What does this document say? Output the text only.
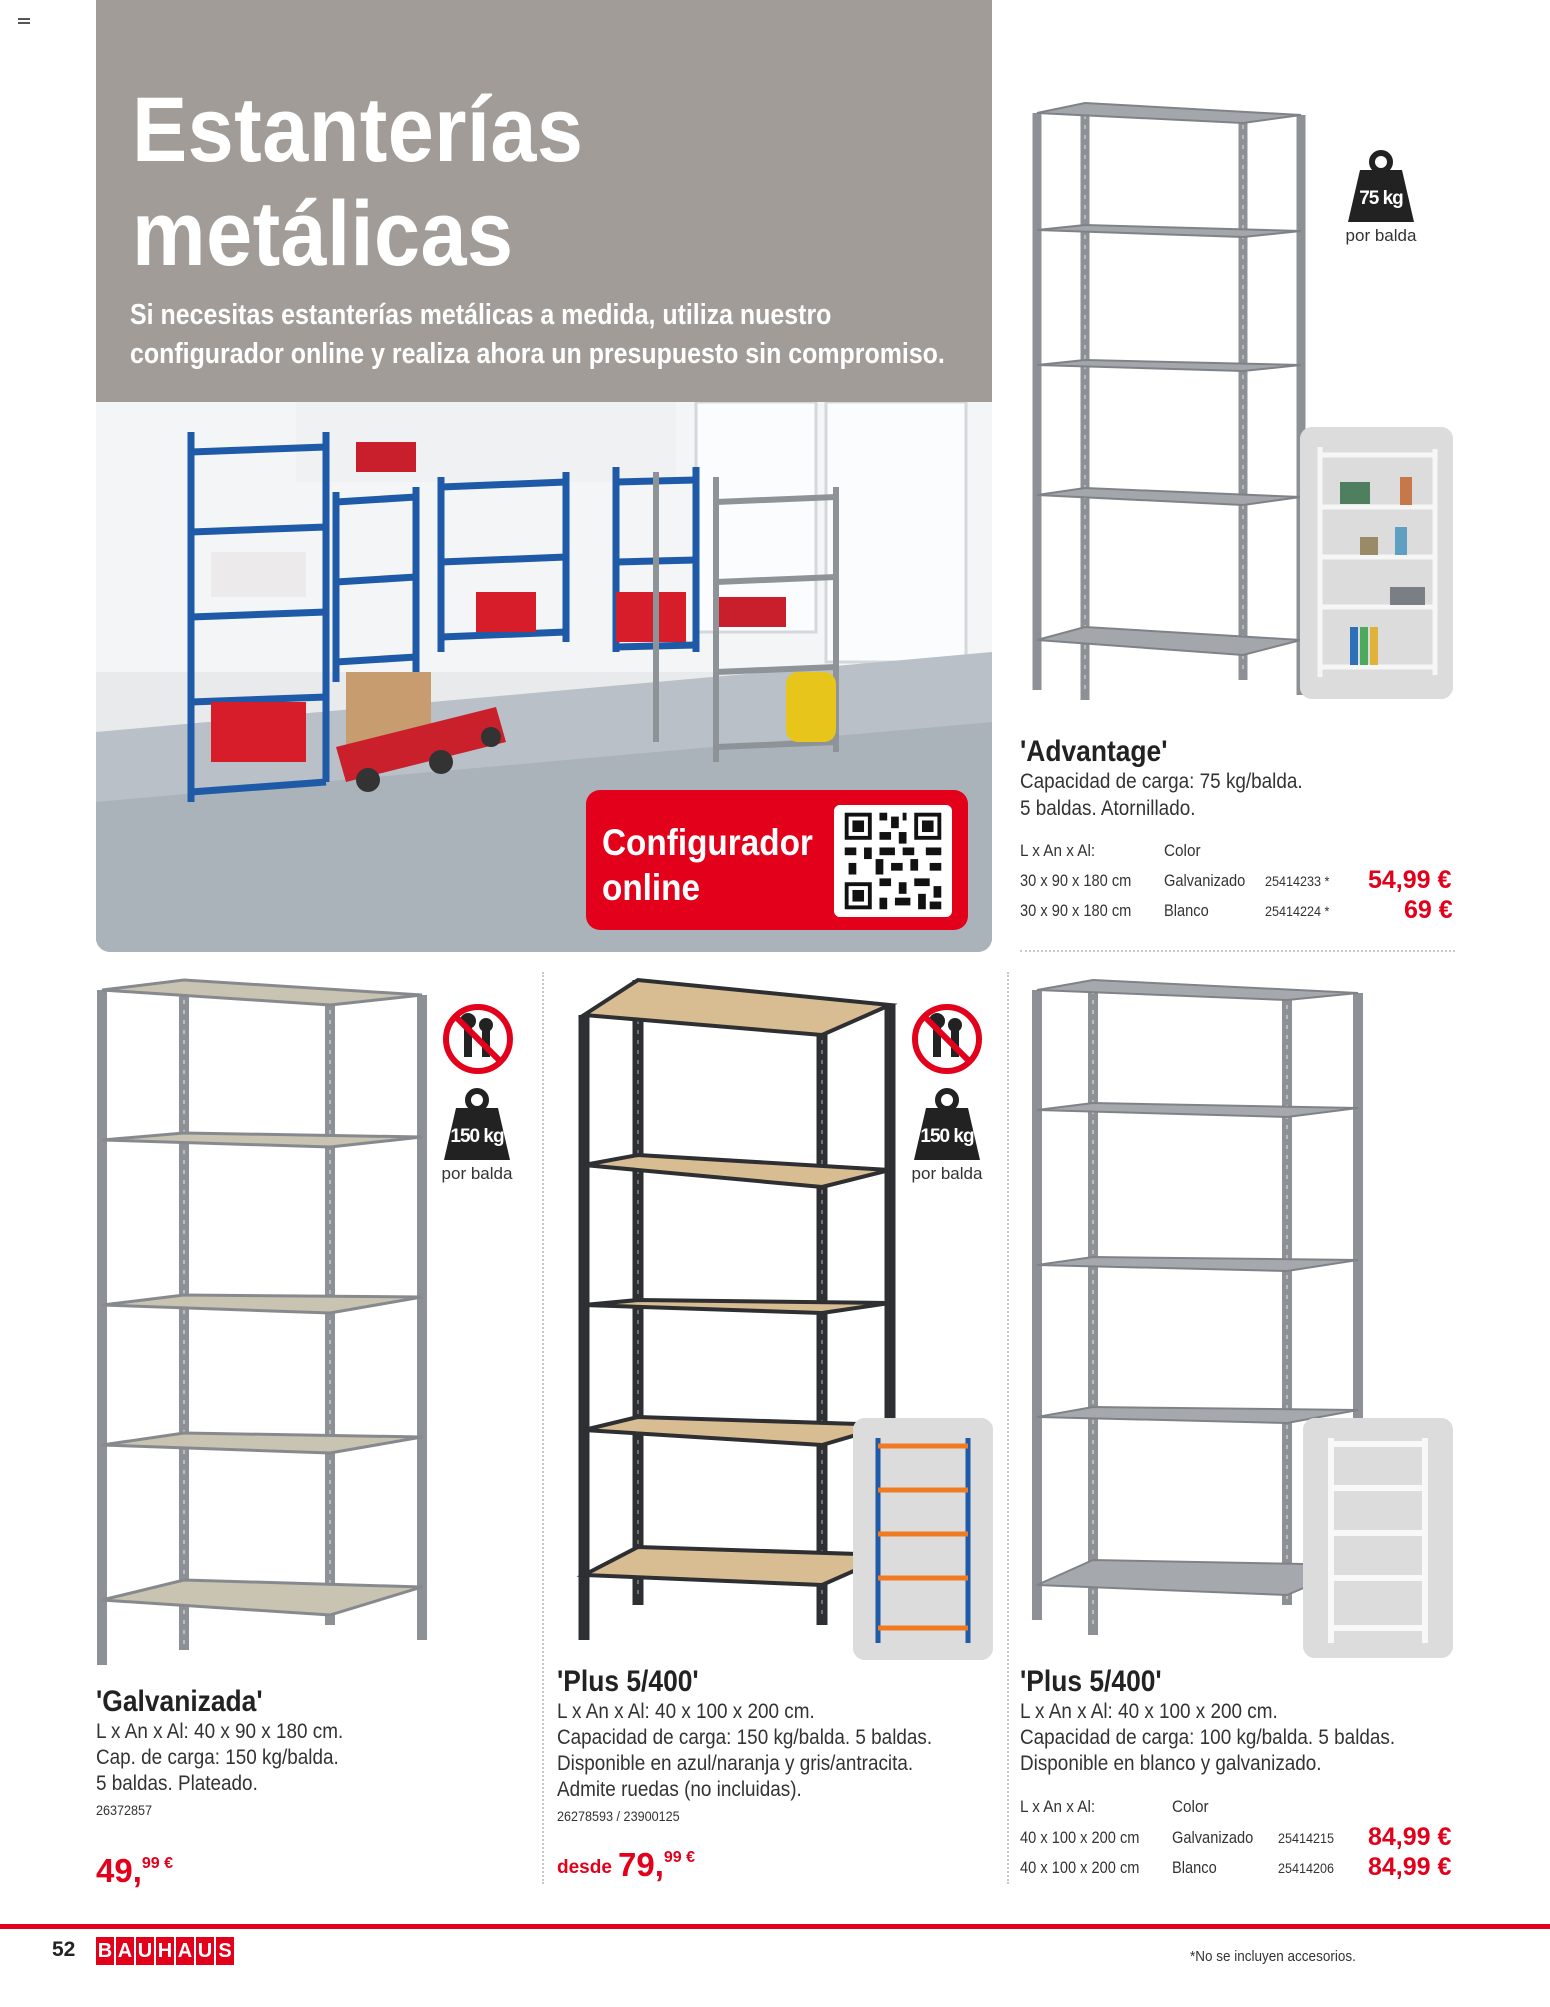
Estanterías
metálicas
Si necesitas estanterías metálicas a medida, utiliza nuestro
configurador online y realiza ahora un presupuesto sin compromiso.
Configurador
online
75 kg
por balda
'Advantage'
Capacidad de carga: 75 kg/balda.
5 baldas. Atornillado.
L x An x Al:	Color
30 x 90 x 180 cm Galvanizado 25414233 * 54,99 €
30 x 90 x 180 cm Blanco	25414224 *	69 €
150 kg
por balda
'Galvanizada'
L x An x Al: 40 x 90 x 180 cm.
Cap. de carga: 150 kg/balda.
5 baldas. Plateado.
26372857
49,$^{99 €}$
150 kg
por balda
'Plus 5/400'
L x An x Al: 40 x 100 x 200 cm.
Capacidad de carga: 150 kg/balda. 5 baldas.
Disponible en azul/naranja y gris/antracita.
Admite ruedas (no incluidas).
26278593 / 23900125
desde 79,$^{99 €}$
'Plus 5/400'
L x An x Al: 40 x 100 x 200 cm.
Capacidad de carga: 100 kg/balda. 5 baldas.
Disponible en blanco y galvanizado.
L x An x Al:	Color
40 x 100 x 200 cm Galvanizado 25414215 84,99 €
40 x 100 x 200 cm Blanco	25414206 84,99 €
52 B A U H A U S	*No se incluyen accesorios.
